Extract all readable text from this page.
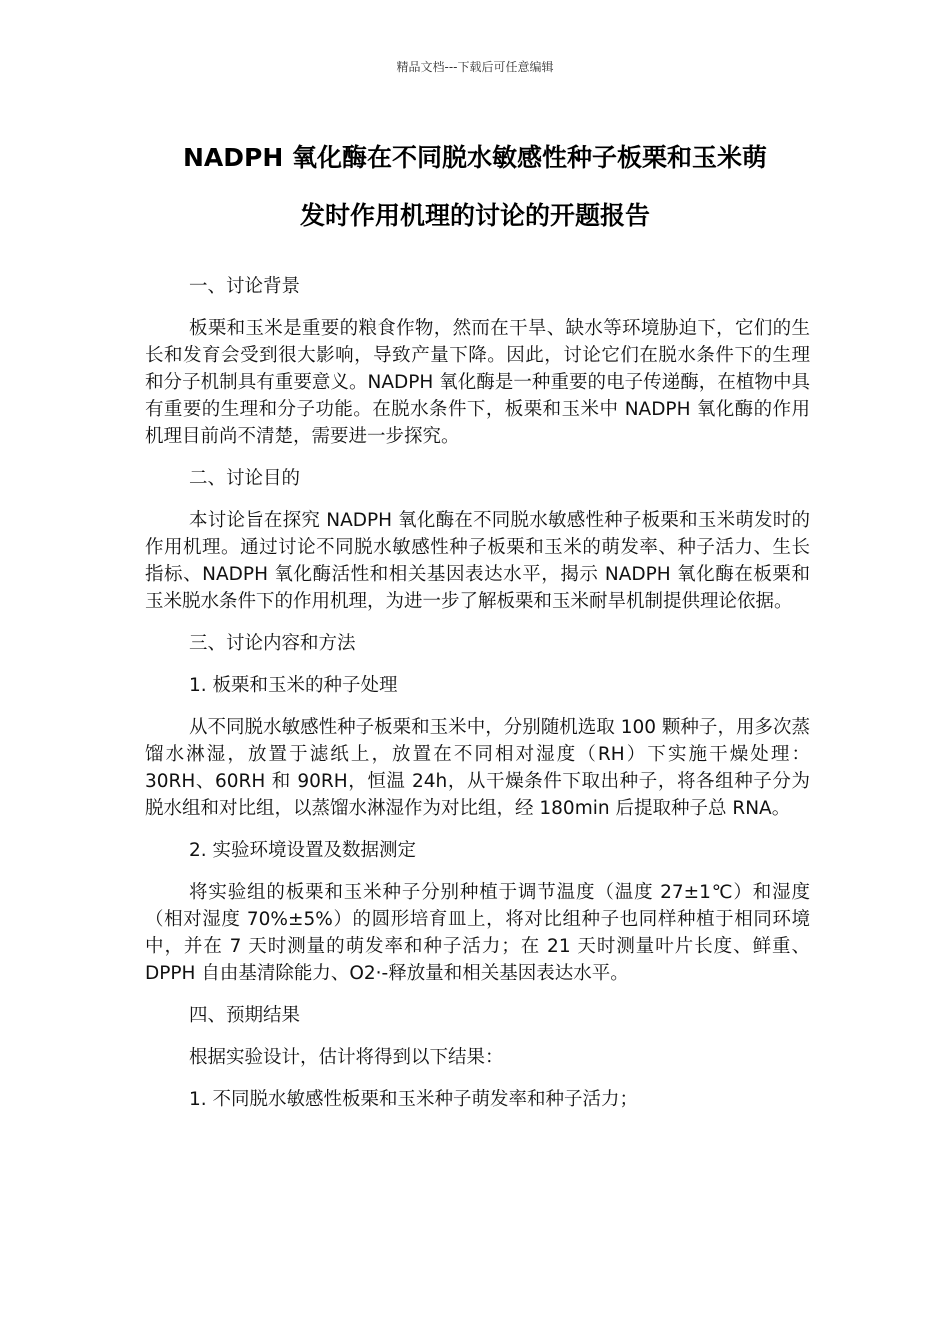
精品文档---下载后可任意编辑
NADPH 氧化酶在不同脱水敏感性种子板栗和玉米萌
发时作用机理的讨论的开题报告

一、讨论背景

板栗和玉米是重要的粮食作物，然而在干旱、缺水等环境胁迫下，它们的生长和发育会受到很大影响，导致产量下降。因此，讨论它们在脱水条件下的生理和分子机制具有重要意义。NADPH 氧化酶是一种重要的电子传递酶，在植物中具有重要的生理和分子功能。在脱水条件下，板栗和玉米中 NADPH 氧化酶的作用机理目前尚不清楚，需要进一步探究。

二、讨论目的

本讨论旨在探究 NADPH 氧化酶在不同脱水敏感性种子板栗和玉米萌发时的作用机理。通过讨论不同脱水敏感性种子板栗和玉米的萌发率、种子活力、生长指标、NADPH 氧化酶活性和相关基因表达水平，揭示 NADPH 氧化酶在板栗和玉米脱水条件下的作用机理，为进一步了解板栗和玉米耐旱机制提供理论依据。

三、讨论内容和方法

1. 板栗和玉米的种子处理

从不同脱水敏感性种子板栗和玉米中，分别随机选取 100 颗种子，用多次蒸馏水淋湿，放置于滤纸上，放置在不同相对湿度（RH）下实施干燥处理：30RH、60RH 和 90RH，恒温 24h，从干燥条件下取出种子，将各组种子分为脱水组和对比组，以蒸馏水淋湿作为对比组，经 180min 后提取种子总 RNA。

2. 实验环境设置及数据测定

将实验组的板栗和玉米种子分别种植于调节温度（温度 27±1℃）和湿度（相对湿度 70%±5%）的圆形培育皿上，将对比组种子也同样种植于相同环境中，并在 7 天时测量的萌发率和种子活力；在 21 天时测量叶片长度、鲜重、DPPH 自由基清除能力、O2·-释放量和相关基因表达水平。

四、预期结果

根据实验设计，估计将得到以下结果：

1. 不同脱水敏感性板栗和玉米种子萌发率和种子活力；
